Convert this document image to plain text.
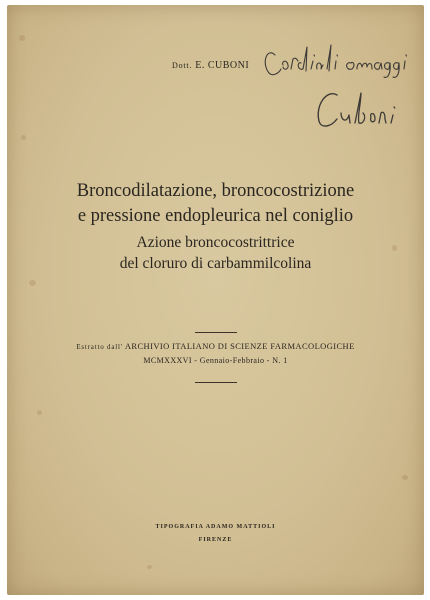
Dott. E. CUBONI
Broncodilatazione, broncocostrizione
e pressione endopleurica nel coniglio
Azione broncocostrittrice
del cloruro di carbammilcolina
Estratto dall' ARCHIVIO ITALIANO DI SCIENZE FARMACOLOGICHE
MCMXXXVI - Gennaio-Febbraio - N. 1
TIPOGRAFIA ADAMO MATTIOLI
FIRENZE
